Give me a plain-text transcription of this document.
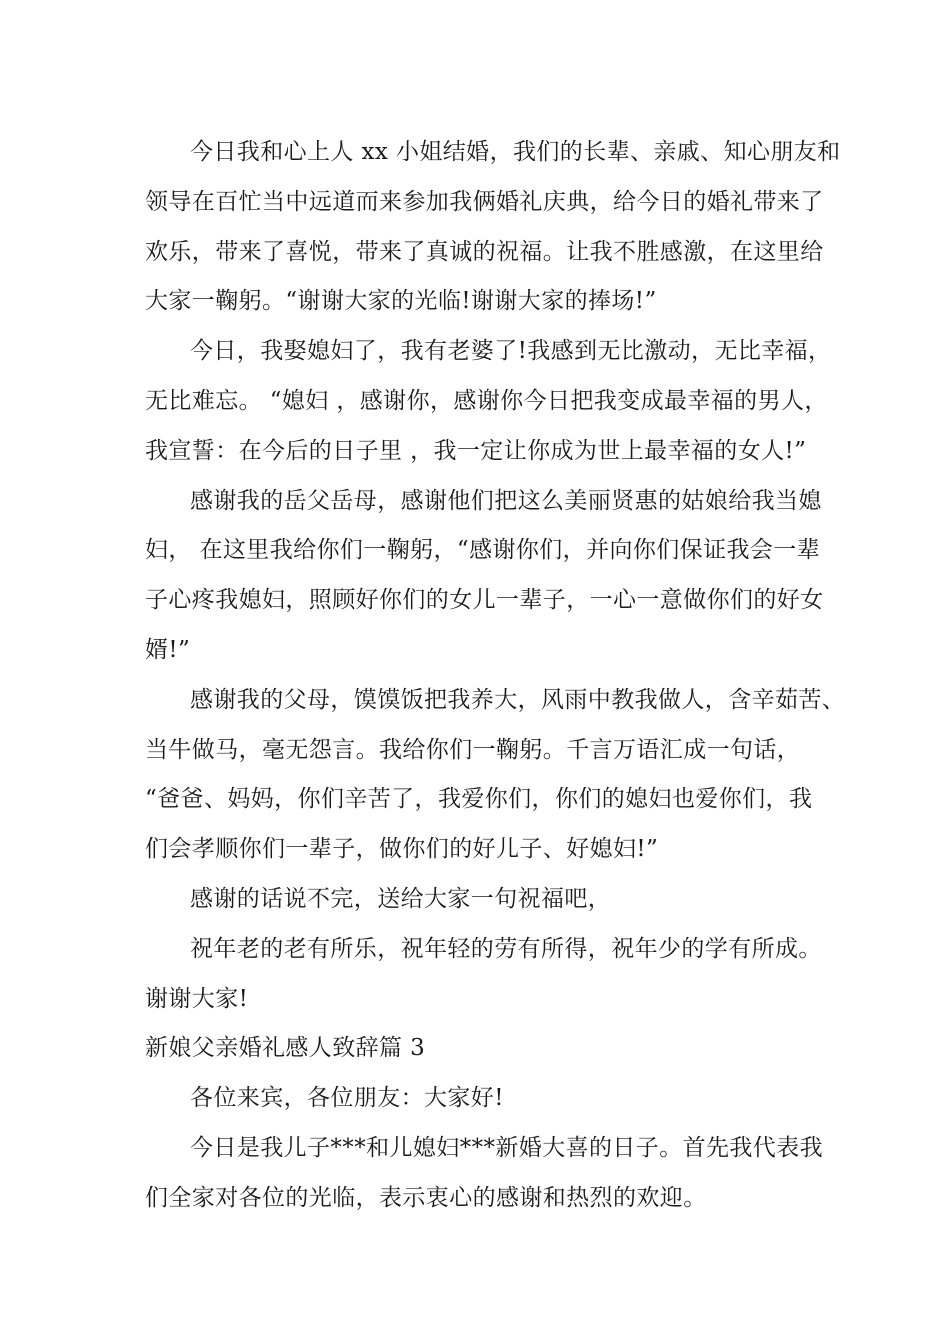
今日我和心上人 xx 小姐结婚，我们的长辈、亲戚、知心朋友和
领导在百忙当中远道而来参加我俩婚礼庆典，给今日的婚礼带来了
欢乐，带来了喜悦，带来了真诚的祝福。让我不胜感激，在这里给
大家一鞠躬。“谢谢大家的光临!谢谢大家的捧场!”
今日，我娶媳妇了，我有老婆了!我感到无比激动，无比幸福，
无比难忘。 “媳妇 ，感谢你，感谢你今日把我变成最幸福的男人，
我宣誓：在今后的日子里 ，我一定让你成为世上最幸福的女人!”
感谢我的岳父岳母，感谢他们把这么美丽贤惠的姑娘给我当媳
妇， 在这里我给你们一鞠躬，“感谢你们，并向你们保证我会一辈
子心疼我媳妇，照顾好你们的女儿一辈子，一心一意做你们的好女
婿!”
感谢我的父母，馍馍饭把我养大，风雨中教我做人，含辛茹苦、
当牛做马，毫无怨言。我给你们一鞠躬。千言万语汇成一句话，
“爸爸、妈妈，你们辛苦了，我爱你们，你们的媳妇也爱你们，我
们会孝顺你们一辈子，做你们的好儿子、好媳妇!”
感谢的话说不完，送给大家一句祝福吧，
祝年老的老有所乐，祝年轻的劳有所得，祝年少的学有所成。
谢谢大家!
新娘父亲婚礼感人致辞篇 3
各位来宾，各位朋友：大家好!
今日是我儿子***和儿媳妇***新婚大喜的日子。首先我代表我
们全家对各位的光临，表示衷心的感谢和热烈的欢迎。
